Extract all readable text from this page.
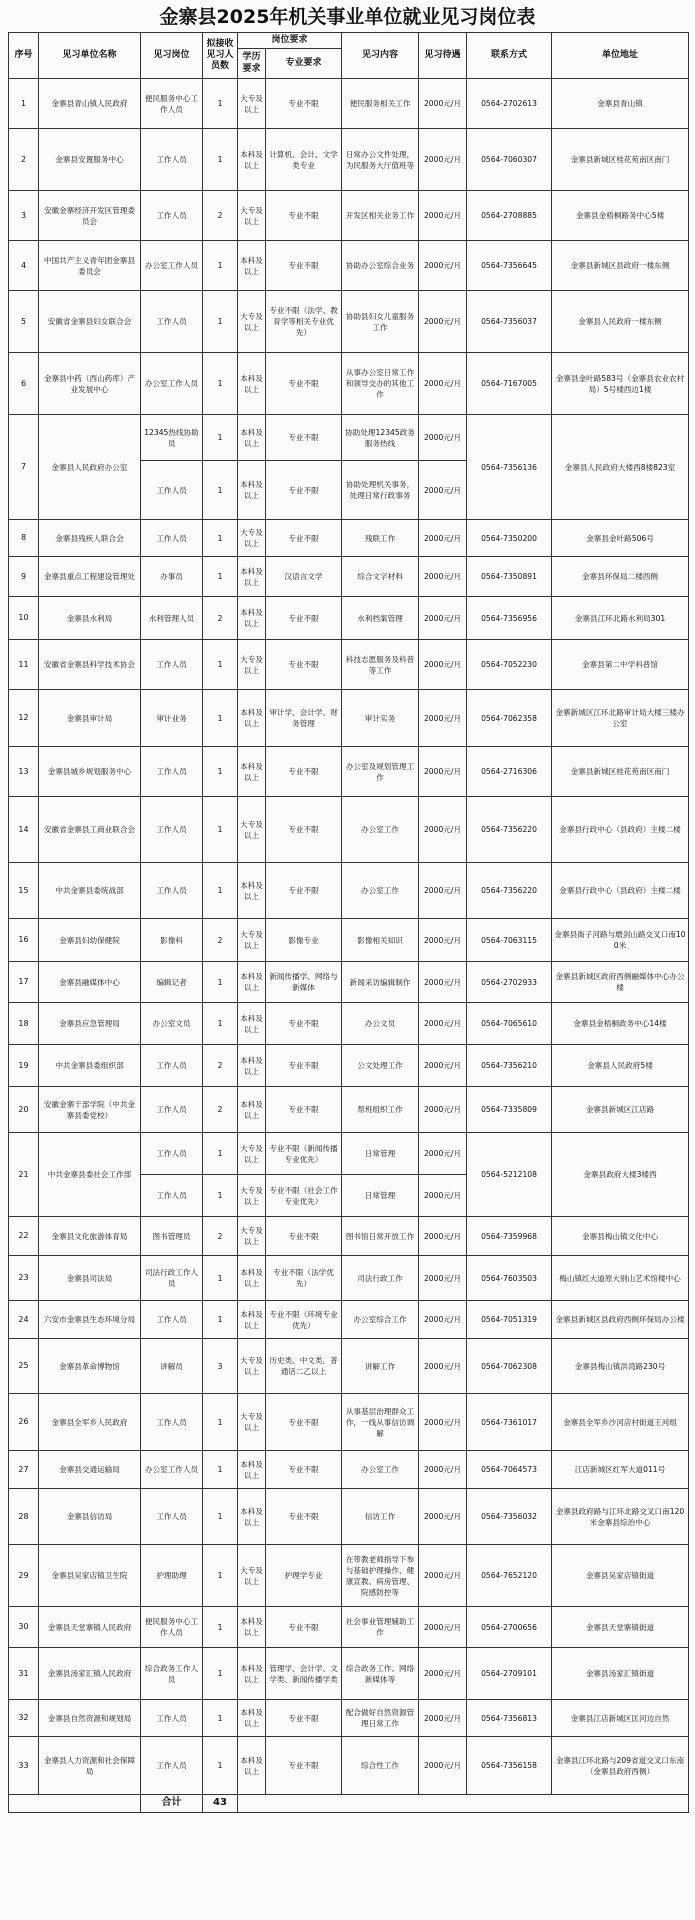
金寨县2025年机关事业单位就业见习岗位表
序号	见习单位名称	见习岗位	拟接收见习人员数	岗位要求		见习内容	见习待遇	联系方式	单位地址
				学历要求	专业要求				
1	金寨县青山镇人民政府	便民服务中心工作人员	1	大专及以上	专业不限	便民服务相关工作	2000元/月	0564-2702613	金寨县青山镇
2	金寨县安置服务中心	工作人员	1	本科及以上	计算机、会计、文学类专业	日常办公文件处理，为民服务大厅值班等	2000元/月	0564-7060307	金寨县新城区桂花苑南区南门
3	安徽金寨经济开发区管理委员会	工作人员	2	大专及以上	专业不限	开发区相关业务工作	2000元/月	0564-2708885	金寨县金梧桐路务中心5楼
4	中国共产主义青年团金寨县委员会	办公室工作人员	1	本科及以上	专业不限	协助办公室综合业务	2000元/月	0564-7356645	金寨县新城区县政府一楼东侧
5	安徽省金寨县妇女联合会	工作人员	1	大专及以上	专业不限（法学、教育学等相关专业优先）	协助县妇女儿童服务工作	2000元/月	0564-7356037	金寨县人民政府一楼东侧
6	金寨县中药（西山药库）产业发展中心	办公室工作人员	1	本科及以上	专业不限	从事办公室日常工作和领导交办的其他工作	2000元/月	0564-7167005	金寨县金叶路583号（金寨县农业农村局）5号楼西边1楼
7	金寨县人民政府办公室	12345热线协助员	1	本科及以上	专业不限	协助处理12345政务服务热线	2000元/月	0564-7356136	金寨县人民政府大楼西8楼823室
		工作人员	1	本科及以上	专业不限	协助处理机关事务，处理日常行政事务	2000元/月		
8	金寨县残疾人联合会	工作人员	1	大专及以上	专业不限	残联工作	2000元/月	0564-7350200	金寨县金叶路506号
9	金寨县重点工程建设管理处	办事员	1	本科及以上	汉语言文学	综合文字材料	2000元/月	0564-7350891	金寨县环保局二楼西侧
10	金寨县水利局	水利管理人员	2	本科及以上	专业不限	水利档案管理	2000元/月	0564-7356956	金寨县江环北路水利局301
11	安徽省金寨县科学技术协会	工作人员	1	大专及以上	专业不限	科技志愿服务及科普等工作	2000元/月	0564-7052230	金寨县第二中学科普馆
12	金寨县审计局	审计业务	1	本科及以上	审计学、会计学、财务管理	审计实务	2000元/月	0564-7062358	金寨新城区江环北路审计局大楼三楼办公室
13	金寨县城乡规划服务中心	工作人员	1	本科及以上	专业不限	办公室及规划管理工作	2000元/月	0564-2716306	金寨县新城区桂花苑南区南门
14	安徽省金寨县工商业联合会	工作人员	1	大专及以上	专业不限	办公室工作	2000元/月	0564-7356220	金寨县行政中心（县政府）主楼二楼
15	中共金寨县委统战部	工作人员	1	本科及以上	专业不限	办公室工作	2000元/月	0564-7356220	金寨县行政中心（县政府）主楼二楼
16	金寨县妇幼保健院	影像科	2	大专及以上	影像专业	影像相关知识	2000元/月	0564-7063115	金寨县衙子河路与磨剑山路交叉口南100米
17	金寨县融媒体中心	编辑记者	1	本科及以上	新闻传播学、网络与新媒体	新闻采访编辑制作	2000元/月	0564-2702933	金寨县新城区政府西侧融媒体中心办公楼
18	金寨县应急管理局	办公室文员	1	本科及以上	专业不限	办公文员	2000元/月	0564-7065610	金寨县金梧桐政务中心14楼
19	中共金寨县委组织部	工作人员	2	本科及以上	专业不限	公文处理工作	2000元/月	0564-7356210	金寨县人民政府5楼
20	安徽金寨干部学院（中共金寨县委党校）	工作人员	2	本科及以上	专业不限	帮班组织工作	2000元/月	0564-7335809	金寨县新城区江店路
21	中共金寨县委社会工作部	工作人员	1	大专及以上	专业不限（新闻传播专业优先）	日常管理	2000元/月	0564-5212108	金寨县政府大楼3楼西
		工作人员	1	大专及以上	专业不限（社会工作专业优先）	日常管理	2000元/月		
22	金寨县文化旅游体育局	图书管理员	2	大专及以上	专业不限	图书馆日常开放工作	2000元/月	0564-7359968	金寨县梅山镇文化中心
23	金寨县司法局	司法行政工作人员	1	本科及以上	专业不限（法学优先）	司法行政工作	2000元/月	0564-7603503	梅山镇红大道原大别山艺术馆楼中心
24	六安市金寨县生态环境分局	工作人员	1	本科及以上	专业不限（环境专业优先）	办公室综合工作	2000元/月	0564-7051319	金寨县新城区县政府西侧环保局办公楼
25	金寨县革命博物馆	讲解员	3	大专及以上	历史类、中文类，普通话二乙以上	讲解工作	2000元/月	0564-7062308	金寨县梅山镇洪湾路230号
26	金寨县全军乡人民政府	工作人员	1	大专及以上	专业不限	从事基层治理群众工作，一线从事信访调解	2000元/月	0564-7361017	金寨县全军乡沙河店村街道王河组
27	金寨县交通运输局	办公室工作人员	1	本科及以上	专业不限	办公室工作	2000元/月	0564-7064573	江店新城区红军大道011号
28	金寨县信访局	工作人员	1	本科及以上	专业不限	信访工作	2000元/月	0564-7356032	金寨县政府路与江环北路交叉口南120米金寨县综治中心
29	金寨县吴家店镇卫生院	护理助理	1	大专及以上	护理学专业	在带教老师指导下参与基础护理操作、健康宣教、病房管理、院感防控等	2000元/月	0564-7652120	金寨县吴家店镇街道
30	金寨县天堂寨镇人民政府	便民服务中心工作人员	1	本科及以上	专业不限	社会事业管理辅助工作	2000元/月	0564-2700656	金寨县天堂寨镇街道
31	金寨县汤家汇镇人民政府	综合政务工作人员	1	本科及以上	管理学、会计学、文学类、新闻传播学类	综合政务工作、网络新媒体等	2000元/月	0564-2709101	金寨县汤家汇镇街道
32	金寨县自然资源和规划局	工作人员	1	本科及以上	专业不限	配合做好自然资源管理日常工作	2000元/月	0564-7356813	金寨县江店新城区匡河边自然
33	金寨县人力资源和社会保障局	工作人员	1	本科及以上	专业不限	综合性工作	2000元/月	0564-7356158	金寨县江环北路与209省道交叉口东南（金寨县政府西侧）
		合计	43						
